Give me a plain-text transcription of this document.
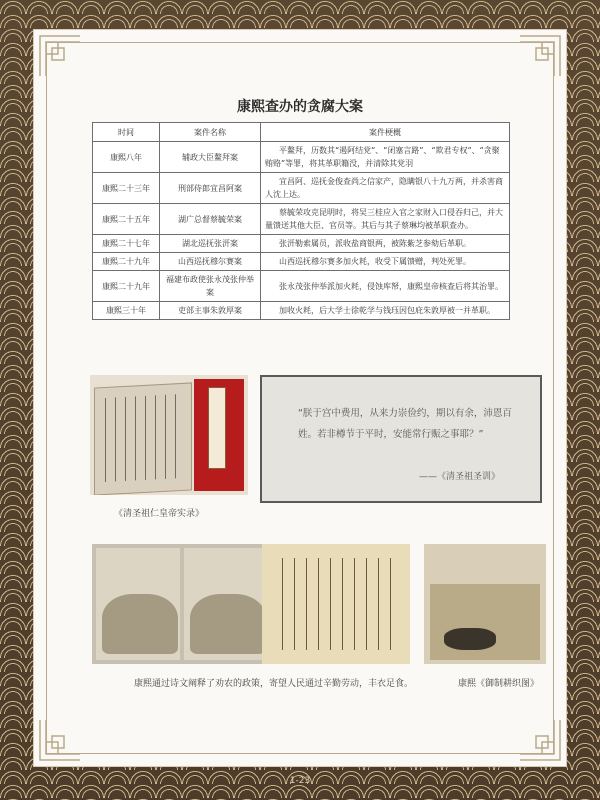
康熙查办的贪腐大案
时间	案件名称	案件梗概
康熙八年	辅政大臣鳌拜案	平鳌拜，历数其“遏阿结党”、“闭塞言路”、“欺君专权”、“贪聚贿赂”等罪，将其革职籍没，并清除其党羽
康熙二十三年	刑部侍郎宜昌阿案	宜昌阿、巡抚金俊查尚之信家产，隐瞒银八十九万两，并杀害商人沈上达。
康熙二十五年	湖广总督蔡毓荣案	蔡毓荣攻克昆明时，将吴三桂应入官之家财入口侵吞归己，并大量馈送其他大臣、官员等。其后与其子蔡琳均被革职查办。
康熙二十七年	湖北巡抚张汧案	张汧勒索属员，派收盐商银两，被陈紫芝参劾后革职。
康熙二十九年	山西巡抚穆尔赛案	山西巡抚穆尔赛多加火耗，收受下属馈赠，判处死罪。
康熙二十九年	福建布政使张永茂张仲举案	张永茂张仲举派加火耗，侵蚀库帑，康熙皇帝核查后将其治罪。
康熙三十年	吏部主事朱敦厚案	加收火耗，后大学士徐乾学与钱珏因包庇朱敦厚被一并革职。
“朕于宫中费用，从来力崇俭约，期以有余，沛恩百姓。若非樽节于平时，安能常行赈之事耶？”
——《清圣祖圣训》
《清圣祖仁皇帝实录》
康熙通过诗文阐释了劝农的政策，寄望人民通过辛勤劳动，丰衣足食。	康熙《御制耕织图》
1-23
